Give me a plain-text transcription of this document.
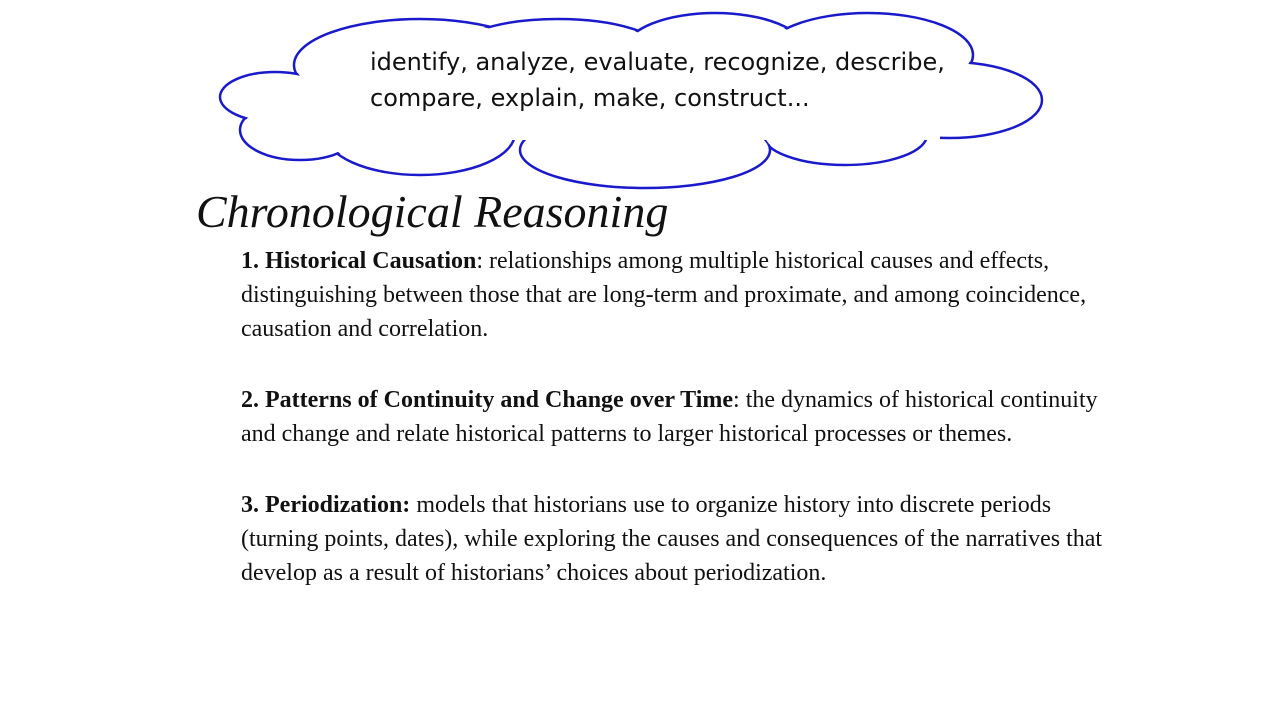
identify, analyze, evaluate, recognize, describe,
compare, explain, make, construct...

Chronological Reasoning
1. Historical Causation: relationships among multiple historical causes and effects, distinguishing between those that are long-term and proximate, and among coincidence, causation and correlation.
2. Patterns of Continuity and Change over Time: the dynamics of historical continuity and change and relate historical patterns to larger historical processes or themes.
3. Periodization: models that historians use to organize history into discrete periods (turning points, dates), while exploring the causes and consequences of the narratives that develop as a result of historians’ choices about periodization.
